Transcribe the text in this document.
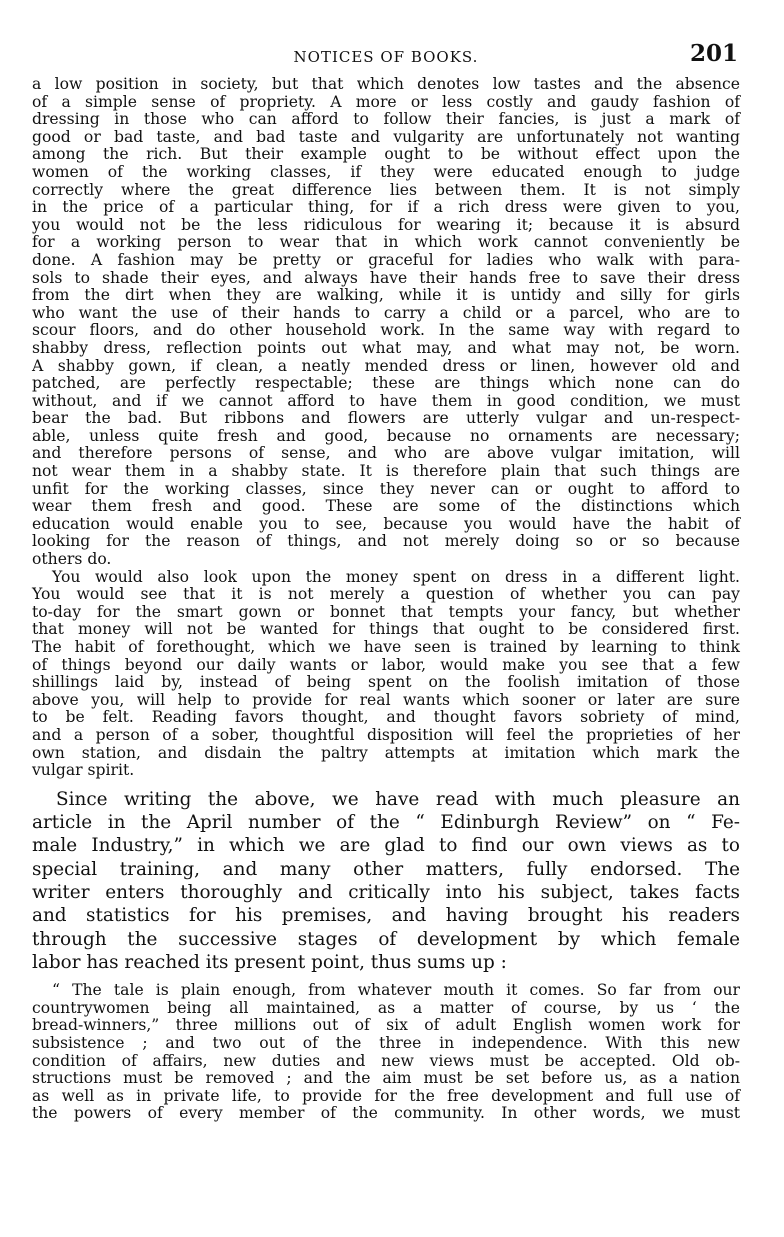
NOTICES OF BOOKS.	201
a low position in society, but that which denotes low tastes and the absence
of a simple sense of propriety. A more or less costly and gaudy fashion of
dressing in those who can afford to follow their fancies, is just a mark of
good or bad taste, and bad taste and vulgarity are unfortunately not wanting
among the rich. But their example ought to be without effect upon the
women of the working classes, if they were educated enough to judge
correctly where the great difference lies between them. It is not simply
in the price of a particular thing, for if a rich dress were given to you,
you would not be the less ridiculous for wearing it; because it is absurd
for a working person to wear that in which work cannot conveniently be
done. A fashion may be pretty or graceful for ladies who walk with para-
sols to shade their eyes, and always have their hands free to save their dress
from the dirt when they are walking, while it is untidy and silly for girls
who want the use of their hands to carry a child or a parcel, who are to
scour floors, and do other household work. In the same way with regard to
shabby dress, reflection points out what may, and what may not, be worn.
A shabby gown, if clean, a neatly mended dress or linen, however old and
patched, are perfectly respectable; these are things which none can do
without, and if we cannot afford to have them in good condition, we must
bear the bad. But ribbons and flowers are utterly vulgar and un-respect-
able, unless quite fresh and good, because no ornaments are necessary;
and therefore persons of sense, and who are above vulgar imitation, will
not wear them in a shabby state. It is therefore plain that such things are
unfit for the working classes, since they never can or ought to afford to
wear them fresh and good. These are some of the distinctions which
education would enable you to see, because you would have the habit of
looking for the reason of things, and not merely doing so or so because
others do.
You would also look upon the money spent on dress in a different light.
You would see that it is not merely a question of whether you can pay
to-day for the smart gown or bonnet that tempts your fancy, but whether
that money will not be wanted for things that ought to be considered first.
The habit of forethought, which we have seen is trained by learning to think
of things beyond our daily wants or labor, would make you see that a few
shillings laid by, instead of being spent on the foolish imitation of those
above you, will help to provide for real wants which sooner or later are sure
to be felt. Reading favors thought, and thought favors sobriety of mind,
and a person of a sober, thoughtful disposition will feel the proprieties of her
own station, and disdain the paltry attempts at imitation which mark the
vulgar spirit.
Since writing the above, we have read with much pleasure an
article in the April number of the “ Edinburgh Review” on “ Fe-
male Industry,” in which we are glad to find our own views as to
special training, and many other matters, fully endorsed. The
writer enters thoroughly and critically into his subject, takes facts
and statistics for his premises, and having brought his readers
through the successive stages of development by which female
labor has reached its present point, thus sums up :
“ The tale is plain enough, from whatever mouth it comes. So far from our
countrywomen being all maintained, as a matter of course, by us ‘ the
bread-winners,” three millions out of six of adult English women work for
subsistence ; and two out of the three in independence. With this new
condition of affairs, new duties and new views must be accepted. Old ob-
structions must be removed ; and the aim must be set before us, as a nation
as well as in private life, to provide for the free development and full use of
the powers of every member of the community. In other words, we must
